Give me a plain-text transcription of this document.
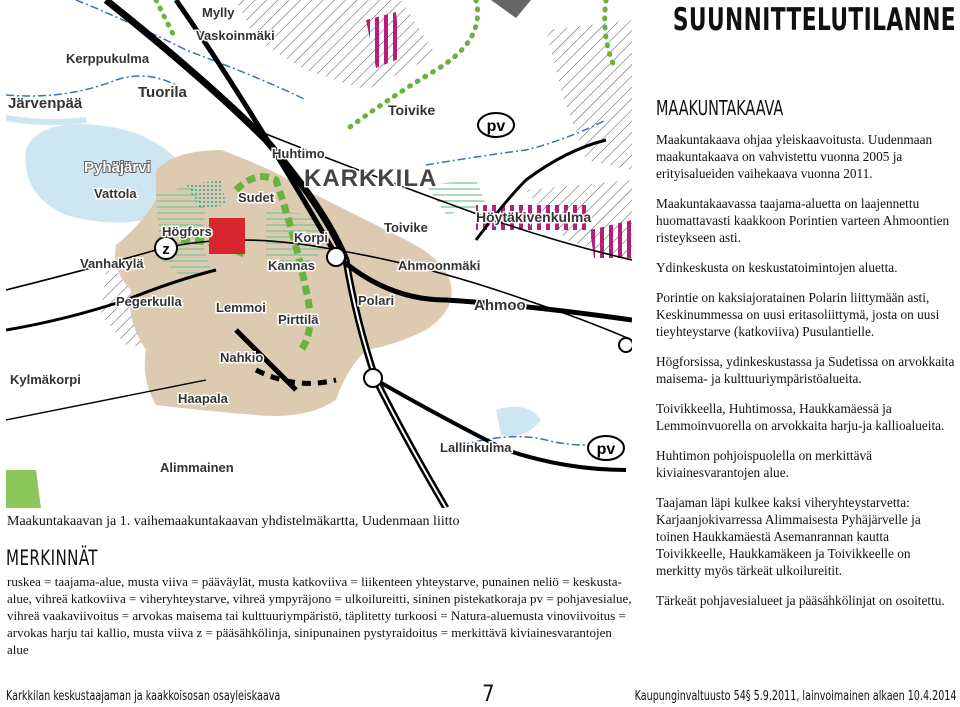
pv
pv
z
Mylly
Vaskoinmäki
Kerppukulma
Järvenpää
Tuorila
Toivike
Pyhäjärvi
Huhtimo
KARKKILA
Vattola	Sudet
Höytäkivenkulma
Högfors	Korpi
Vanhakylä
Toivike
Kannas	Ahmoonmäki
Pegerkulla	Lemmoi	Polari	Ahmoo
Pirttilä
Nahkio
Kylmäkorpi
Haapala
Lallinkulma
Alimmainen
SUUNNITTELUTILANNE
MAAKUNTAKAAVA

Maakuntakaava ohjaa yleiskaavoitusta. Uudenmaan maakuntakaava on vahvistettu vuonna 2005 ja erityisalueiden vaihekaava vuonna 2011.

Maakuntakaavassa taajama-aluetta on laajennettu huomattavasti kaakkoon Porintien varteen Ahmoontien risteykseen asti.

Ydinkeskusta on keskustatoimintojen aluetta.

Porintie on kaksiajoratainen Polarin liittymään asti, Keskinummessa on uusi eritasoliittymä, josta on uusi tieyhteystarve (katkoviiva) Pusulantielle.

Högforsissa, ydinkeskustassa ja Sudetissa on arvokkaita maisema- ja kulttuuriympäristöalueita.

Toivikkeella, Huhtimossa, Haukkamäessä ja Lemmoinvuorella on arvokkaita harju-ja kallioalueita.

Huhtimon pohjoispuolella on merkittävä kiviainesvarantojen alue.

Taajaman läpi kulkee kaksi viheryhteystarvetta: Karjaanjokivarressa Alimmaisesta Pyhäjärvelle ja toinen Haukkamäestä Asemanrannan kautta Toivikkeelle, Haukkamäkeen ja Toivikkeelle on merkitty myös tärkeät ulkoilureitit.

Tärkeät pohjavesialueet ja pääsähkölinjat on osoitettu.

Maakuntakaavan ja 1. vaihemaakuntakaavan yhdistelmäkartta, Uudenmaan liitto

MERKINNÄT

ruskea = taajama-alue, musta viiva = pääväylät, musta katkoviiva = liikenteen yhteystarve, punainen neliö = keskusta-alue, vihreä katkoviiva = viheryhteystarve, vihreä ympyräjono = ulkoilureitti, sininen pistekatkoraja pv = pohjavesialue, vihreä vaakaviivoitus = arvokas maisema tai kulttuuriympäristö, täplitetty turkoosi = Natura-aluemusta vinoviivoitus = arvokas harju tai kallio, musta viiva z = pääsähkölinja, sinipunainen pystyraidoitus = merkittävä kiviainesvarantojen alue

Karkkilan keskustaajaman ja kaakkoisosan osayleiskaava	7	Kaupunginvaltuusto 54§ 5.9.2011, lainvoimainen alkaen 10.4.2014
